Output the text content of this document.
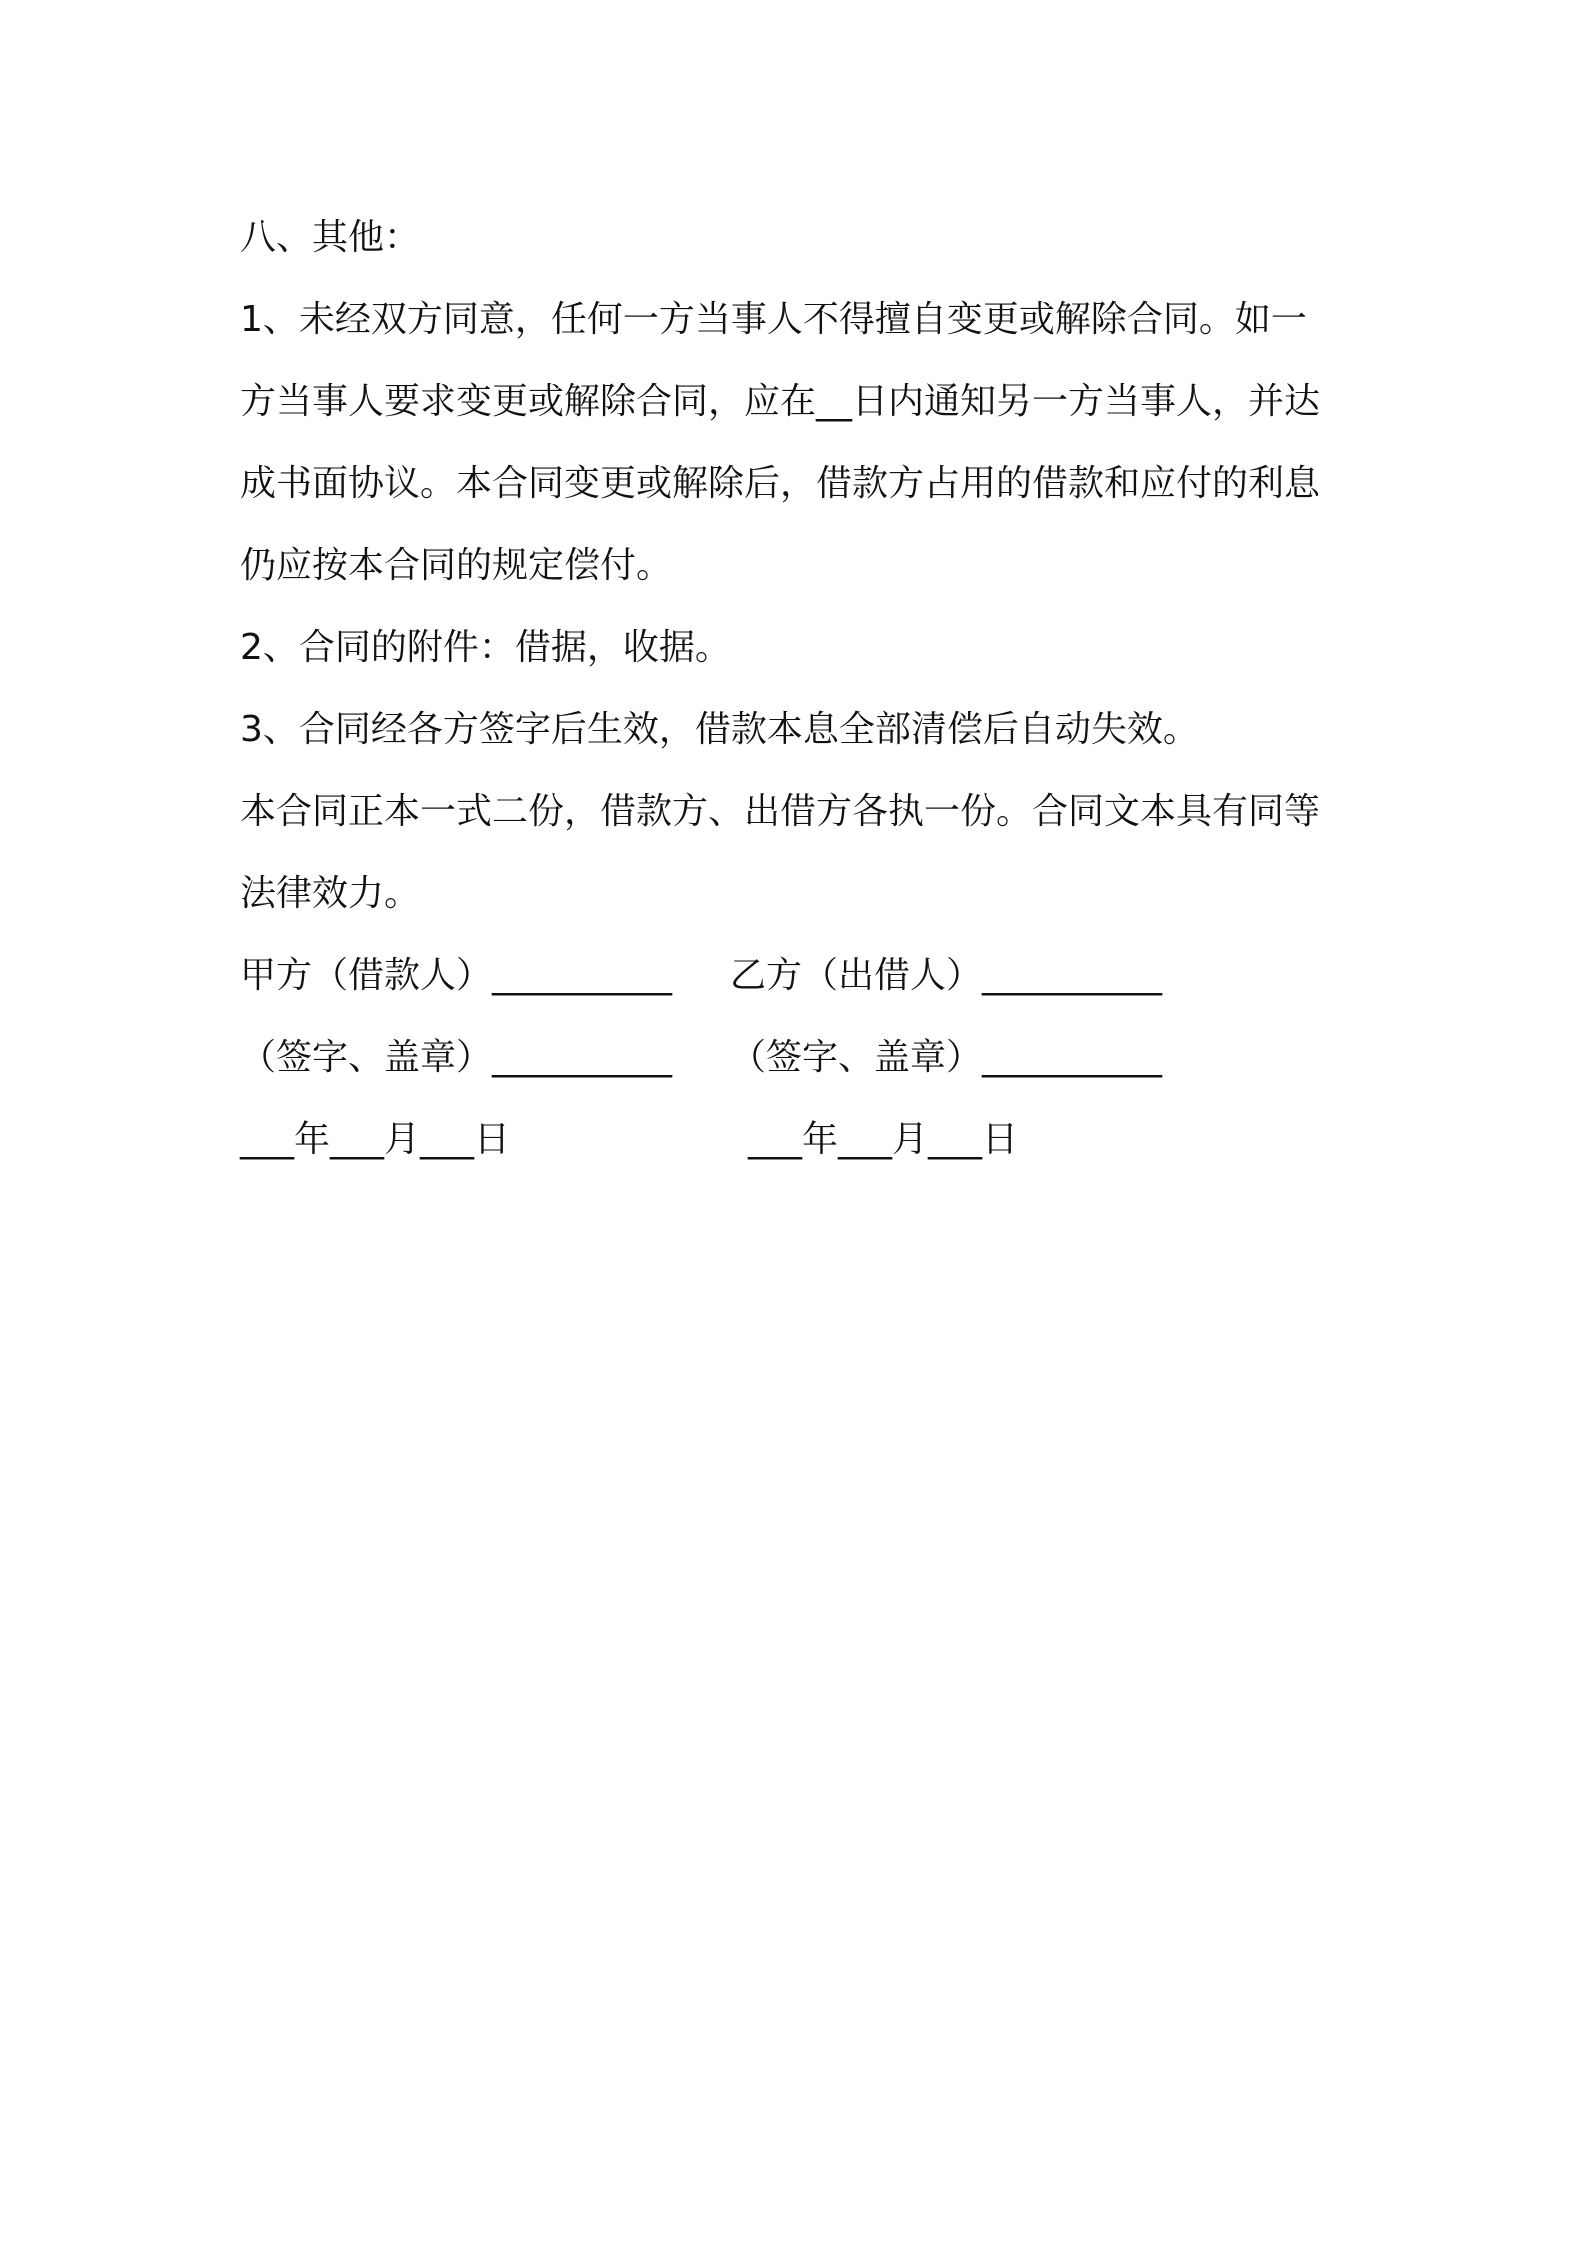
八、其他：
1、未经双方同意，任何一方当事人不得擅自变更或解除合同。如一
方当事人要求变更或解除合同，应在__日内通知另一方当事人，并达
成书面协议。本合同变更或解除后，借款方占用的借款和应付的利息
仍应按本合同的规定偿付。
2、合同的附件：借据，收据。
3、合同经各方签字后生效，借款本息全部清偿后自动失效。
本合同正本一式二份，借款方、出借方各执一份。合同文本具有同等
法律效力。
甲方（借款人）__________ 乙方（出借人）__________
（签字、盖章）__________ （签字、盖章）__________
___年___月___日	___年___月___日
